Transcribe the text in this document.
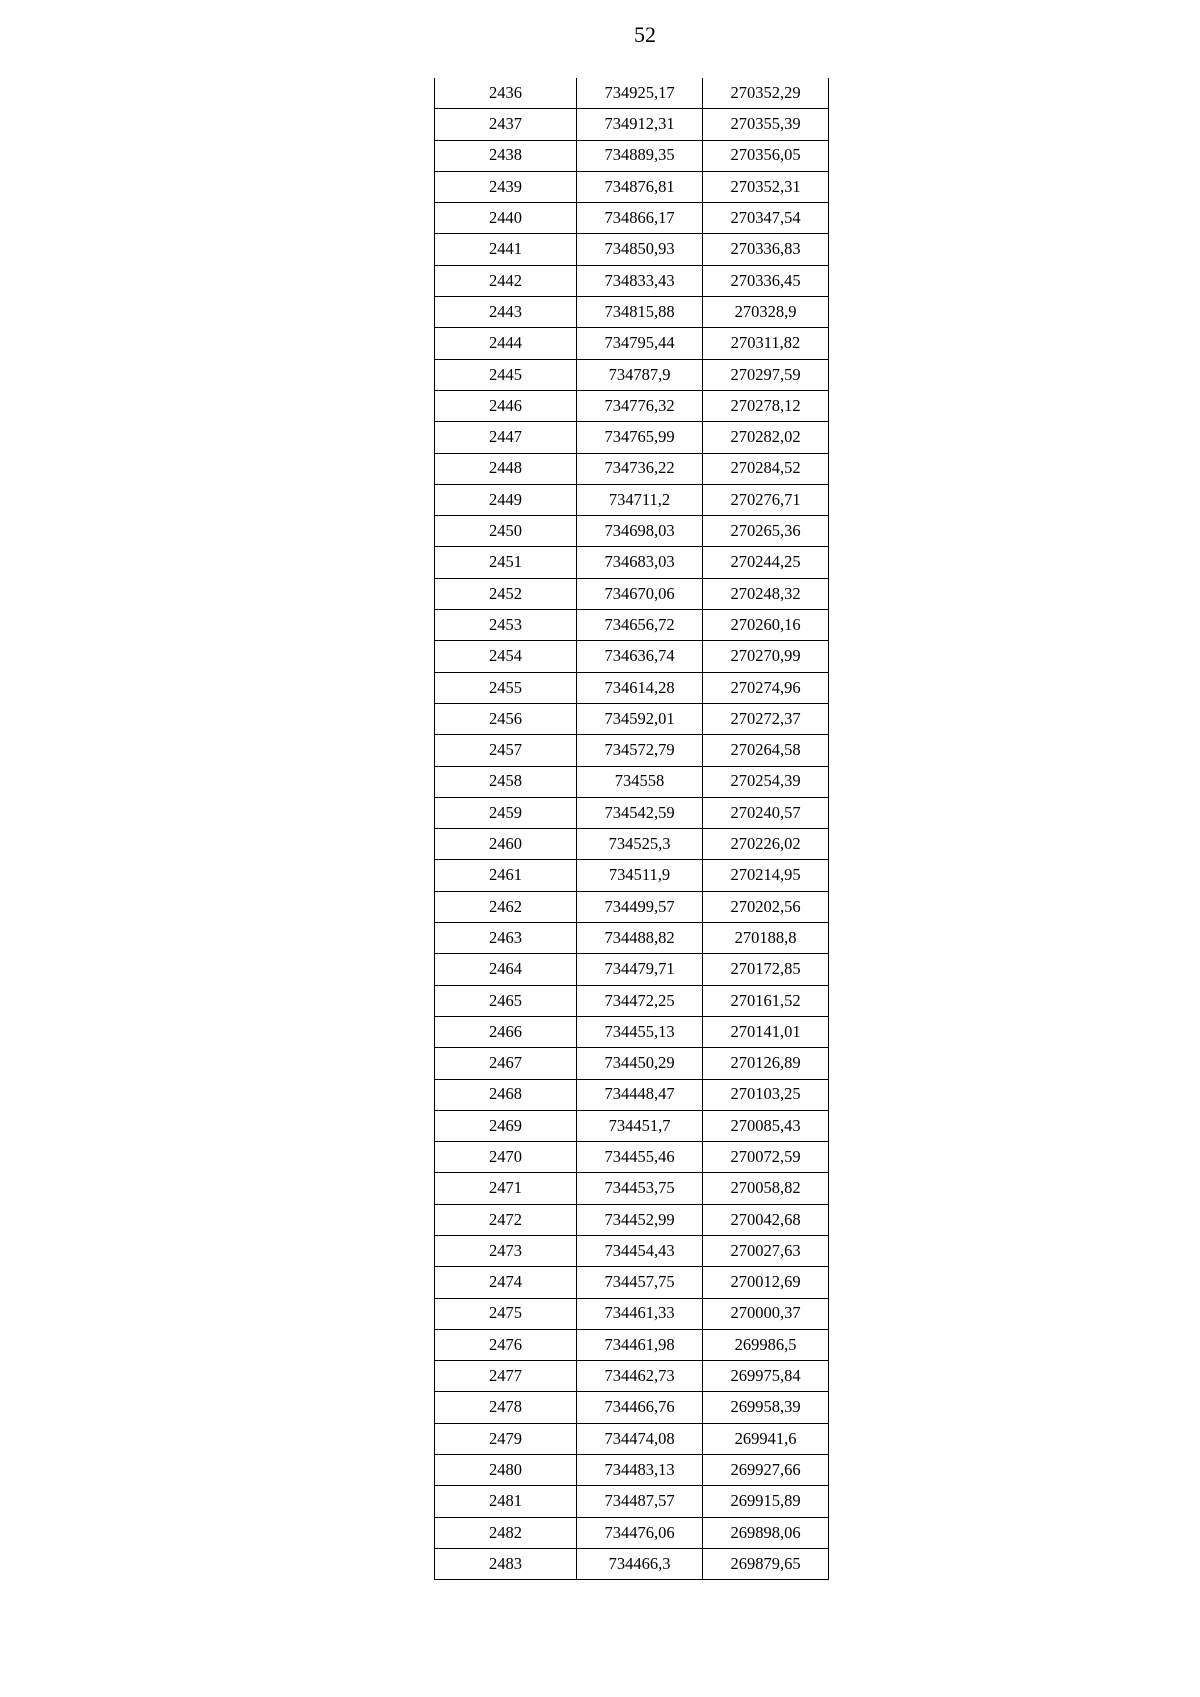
52
2436	734925,17	270352,29
2437	734912,31	270355,39
2438	734889,35	270356,05
2439	734876,81	270352,31
2440	734866,17	270347,54
2441	734850,93	270336,83
2442	734833,43	270336,45
2443	734815,88	270328,9
2444	734795,44	270311,82
2445	734787,9	270297,59
2446	734776,32	270278,12
2447	734765,99	270282,02
2448	734736,22	270284,52
2449	734711,2	270276,71
2450	734698,03	270265,36
2451	734683,03	270244,25
2452	734670,06	270248,32
2453	734656,72	270260,16
2454	734636,74	270270,99
2455	734614,28	270274,96
2456	734592,01	270272,37
2457	734572,79	270264,58
2458	734558	270254,39
2459	734542,59	270240,57
2460	734525,3	270226,02
2461	734511,9	270214,95
2462	734499,57	270202,56
2463	734488,82	270188,8
2464	734479,71	270172,85
2465	734472,25	270161,52
2466	734455,13	270141,01
2467	734450,29	270126,89
2468	734448,47	270103,25
2469	734451,7	270085,43
2470	734455,46	270072,59
2471	734453,75	270058,82
2472	734452,99	270042,68
2473	734454,43	270027,63
2474	734457,75	270012,69
2475	734461,33	270000,37
2476	734461,98	269986,5
2477	734462,73	269975,84
2478	734466,76	269958,39
2479	734474,08	269941,6
2480	734483,13	269927,66
2481	734487,57	269915,89
2482	734476,06	269898,06
2483	734466,3	269879,65
